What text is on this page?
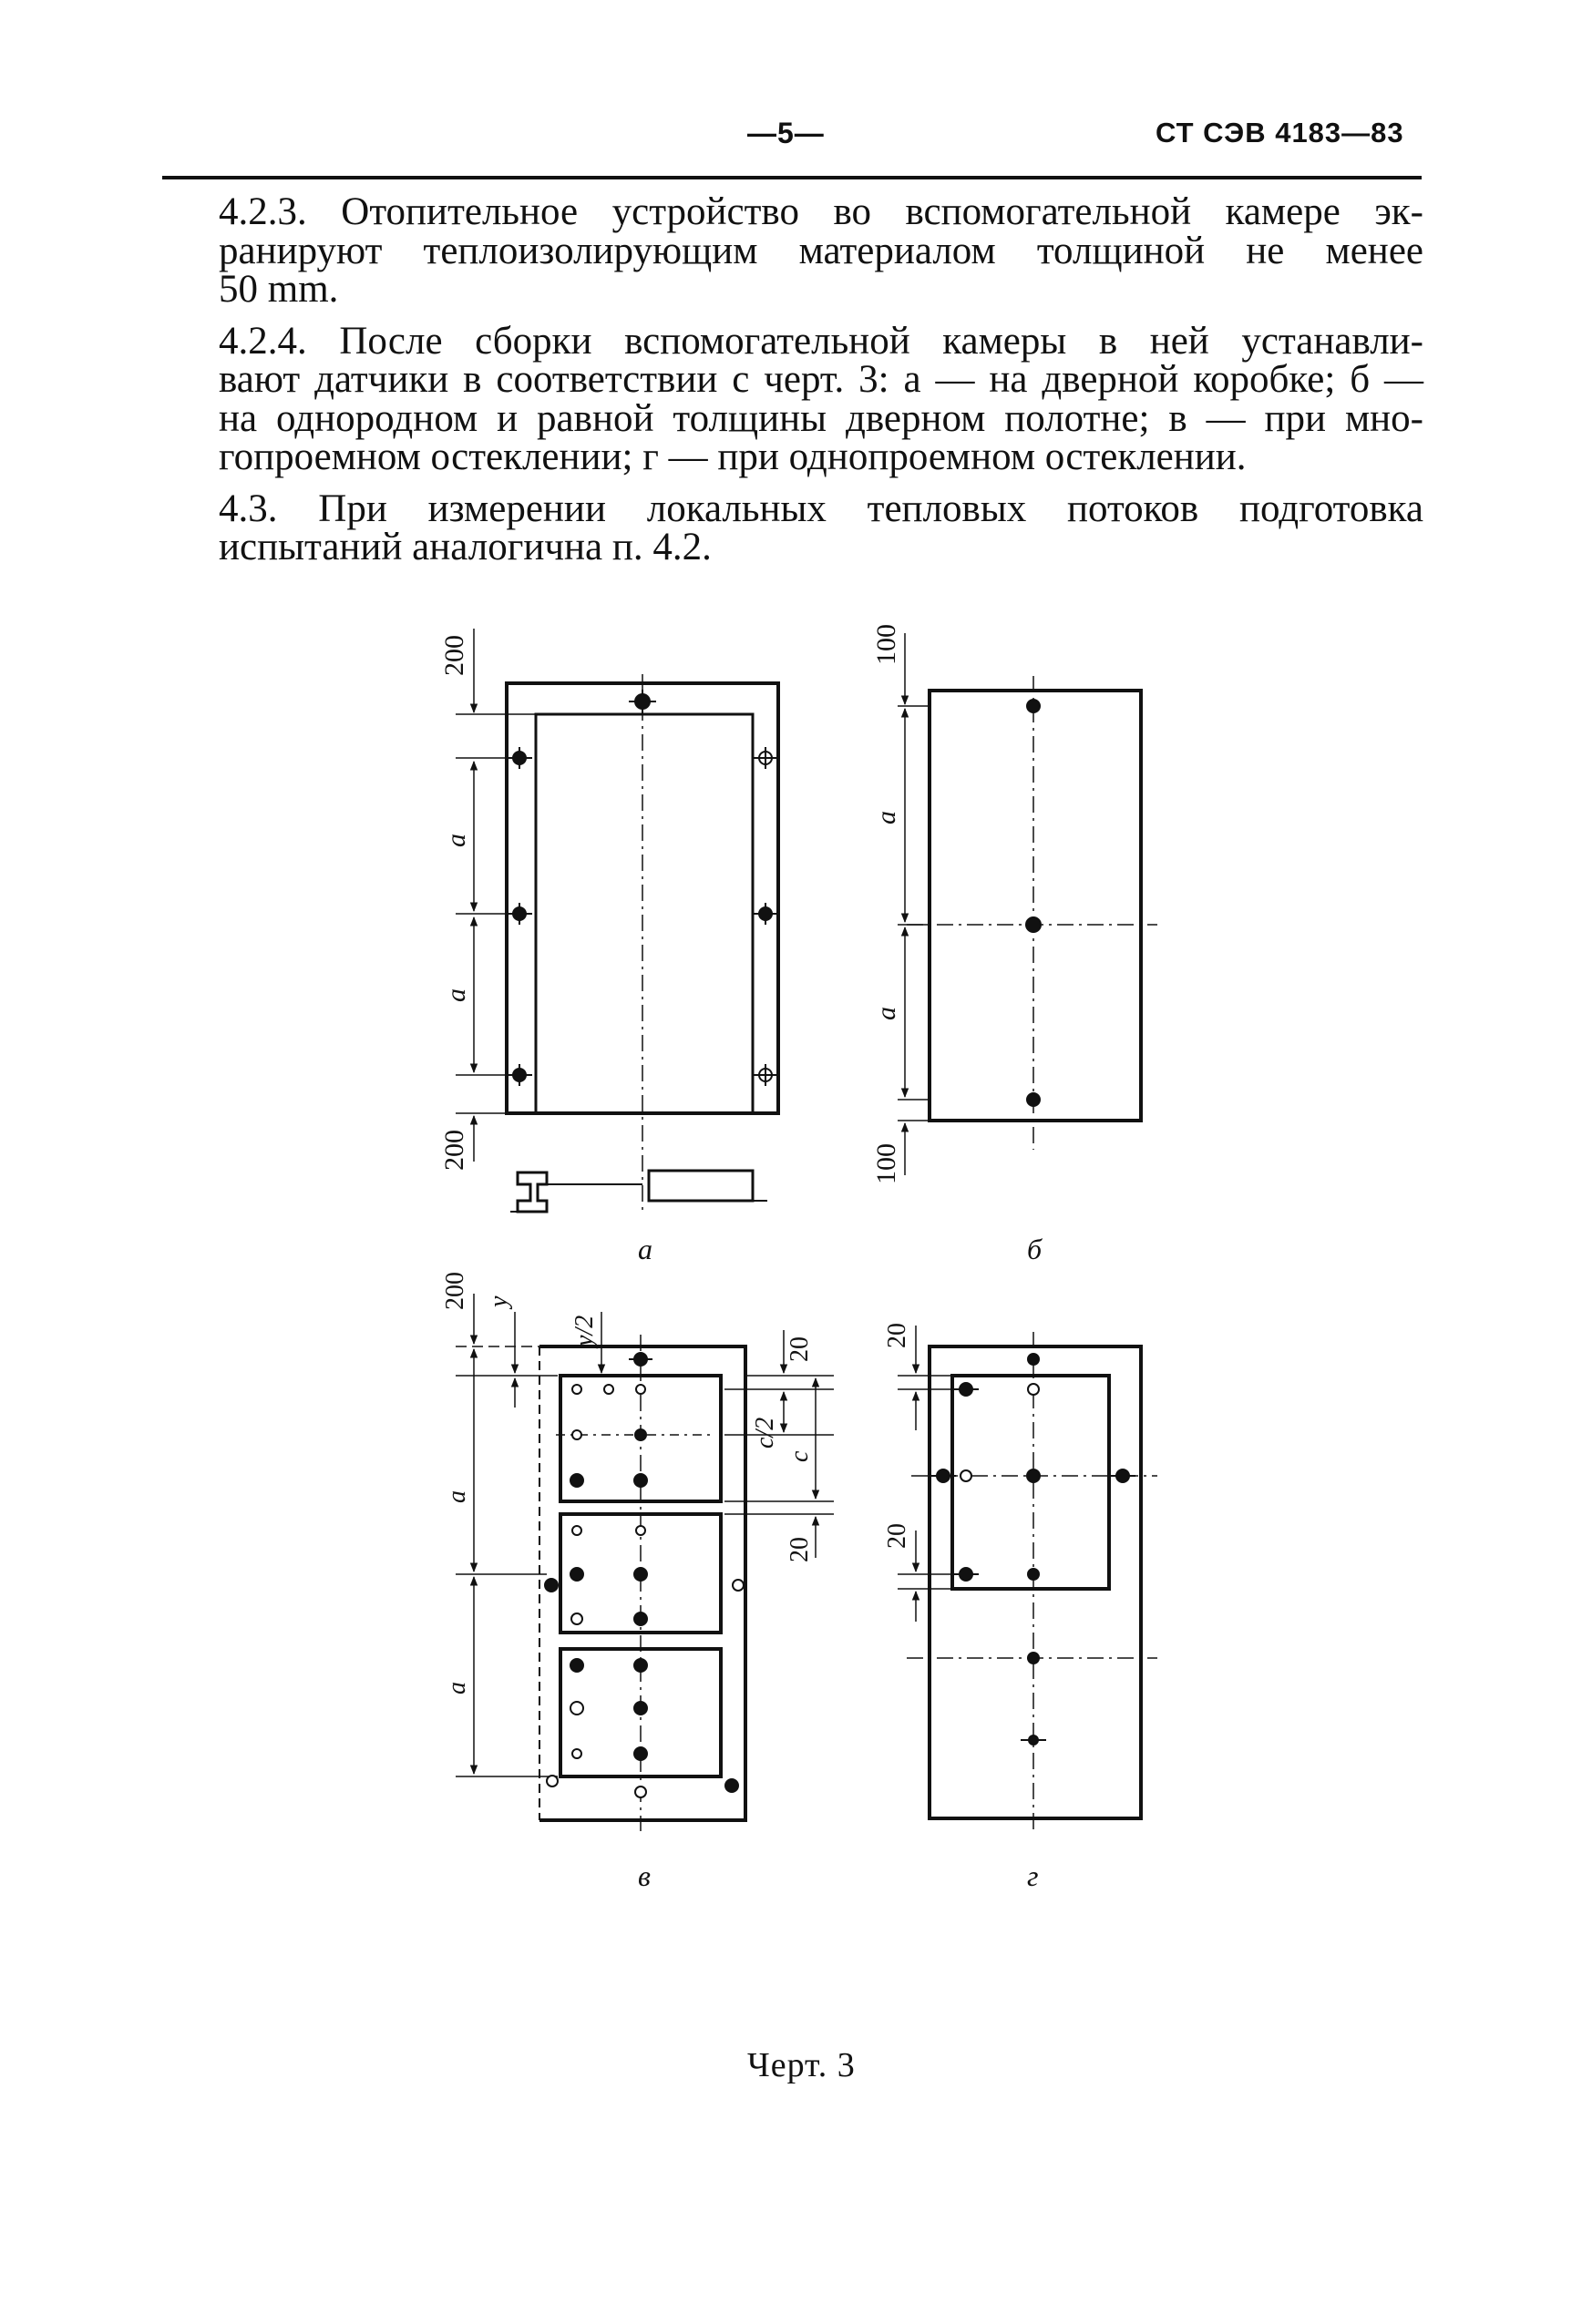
—5—	СТ СЭВ 4183—83

4.2.3. Отопительное устройство во вспомогательной камере эк-
ранируют теплоизолирующим материалом толщиной не менее
50 mm.

4.2.4. После сборки вспомогательной камеры в ней устанавли-
вают датчики в соответствии с черт. 3: а — на дверной коробке; б —
на однородном и равной толщины дверном полотне; в — при мно-
гопроемном остеклении; г — при однопроемном остеклении.

4.3. При измерении локальных тепловых потоков подготовка
испытаний аналогична п. 4.2.

200
а
а
200
а
100
а
а
100
б
200 у
у/2
20
с/2
с
20
а
а
в
20
20
г
Черт. 3
